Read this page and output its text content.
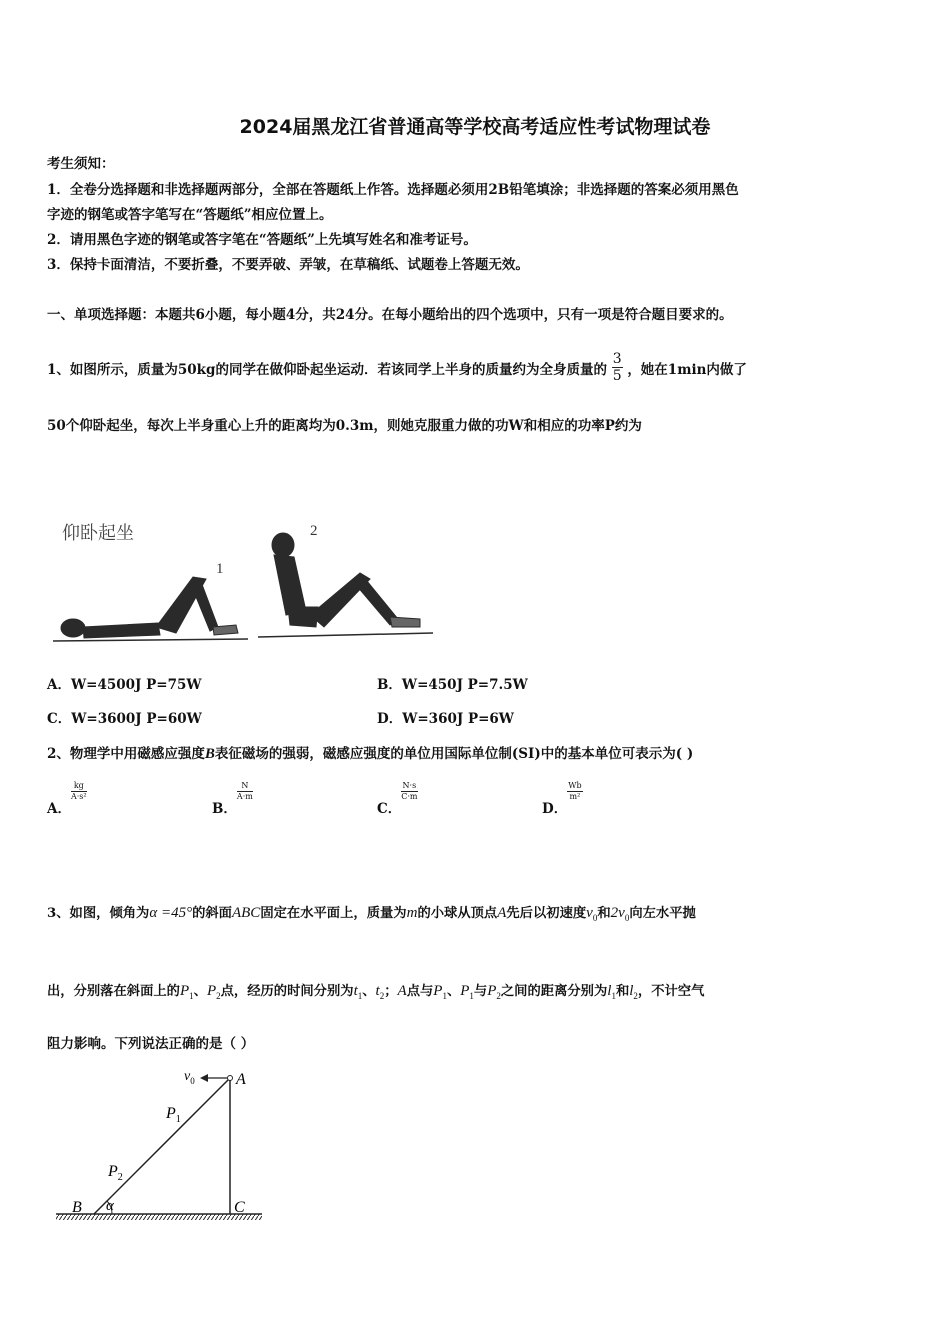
2024届黑龙江省普通高等学校高考适应性考试物理试卷
考生须知：
1．全卷分选择题和非选择题两部分，全部在答题纸上作答。选择题必须用2B铅笔填涂；非选择题的答案必须用黑色
字迹的钢笔或答字笔写在“答题纸”相应位置上。
2．请用黑色字迹的钢笔或答字笔在“答题纸”上先填写姓名和准考证号。
3．保持卡面清洁，不要折叠，不要弄破、弄皱，在草稿纸、试题卷上答题无效。
一、单项选择题：本题共6小题，每小题4分，共24分。在每小题给出的四个选项中，只有一项是符合题目要求的。
1、如图所示，质量为50kg的同学在做仰卧起坐运动．若该同学上半身的质量约为全身质量的 $\frac{3}{5}$ ，她在1min内做了
50个仰卧起坐，每次上半身重心上升的距离均为0.3m，则她克服重力做的功W和相应的功率P约为
仰卧起坐
1
2
A．W=4500J P=75W	B．W=450J P=7.5W
C．W=3600J P=60W	D．W=360J P=6W
2、物理学中用磁感应强度B表征磁场的强弱，磁感应强度的单位用国际单位制(SI)中的基本单位可表示为( )
A．
$\frac{kg}{\text{A·s²}}$
B．
$\frac{N}{A\cdot m}$
C．
$\frac{N\cdot s}{C\cdot m}$
D．
$\frac{Wb}{\text{m²}}$
3、如图，倾角为α =45°的斜面ABC固定在水平面上，质量为m的小球从顶点A先后以初速度$v_0$和$2v_0$向左水平抛
出，分别落在斜面上的$P_1$、$P_2$点，经历的时间分别为$t_1$、$t_2$；A点与$P_1$、$P_1$与$P_2$之间的距离分别为$l_1$和$l_2$，不计空气
阻力影响。下列说法正确的是（ ）
$v_0$	A
$P_1$
$P_2$
B α	C
